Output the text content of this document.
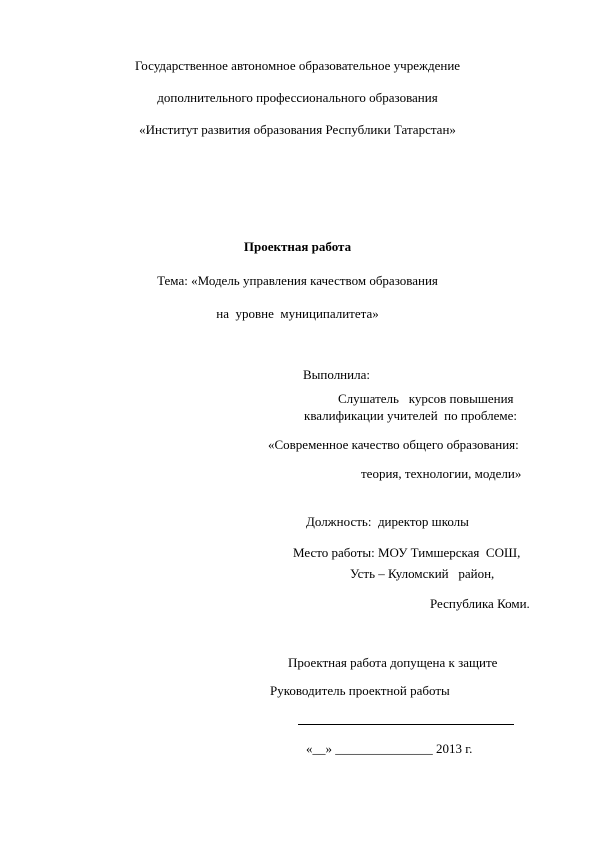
Государственное автономное образовательное учреждение
дополнительного профессионального образования
«Институт развития образования Республики Татарстан»
Проектная работа
Тема: «Модель управления качеством образования
на  уровне  муниципалитета»
Выполнила:
Слушатель   курсов повышения
квалификации учителей  по проблеме:
«Современное качество общего образования:
теория, технологии, модели»
Должность:  директор школы
Место работы: МОУ Тимшерская  СОШ,
Усть – Куломский   район,
Республика Коми.
Проектная работа допущена к защите
Руководитель проектной работы
«__» _______________ 2013 г.
